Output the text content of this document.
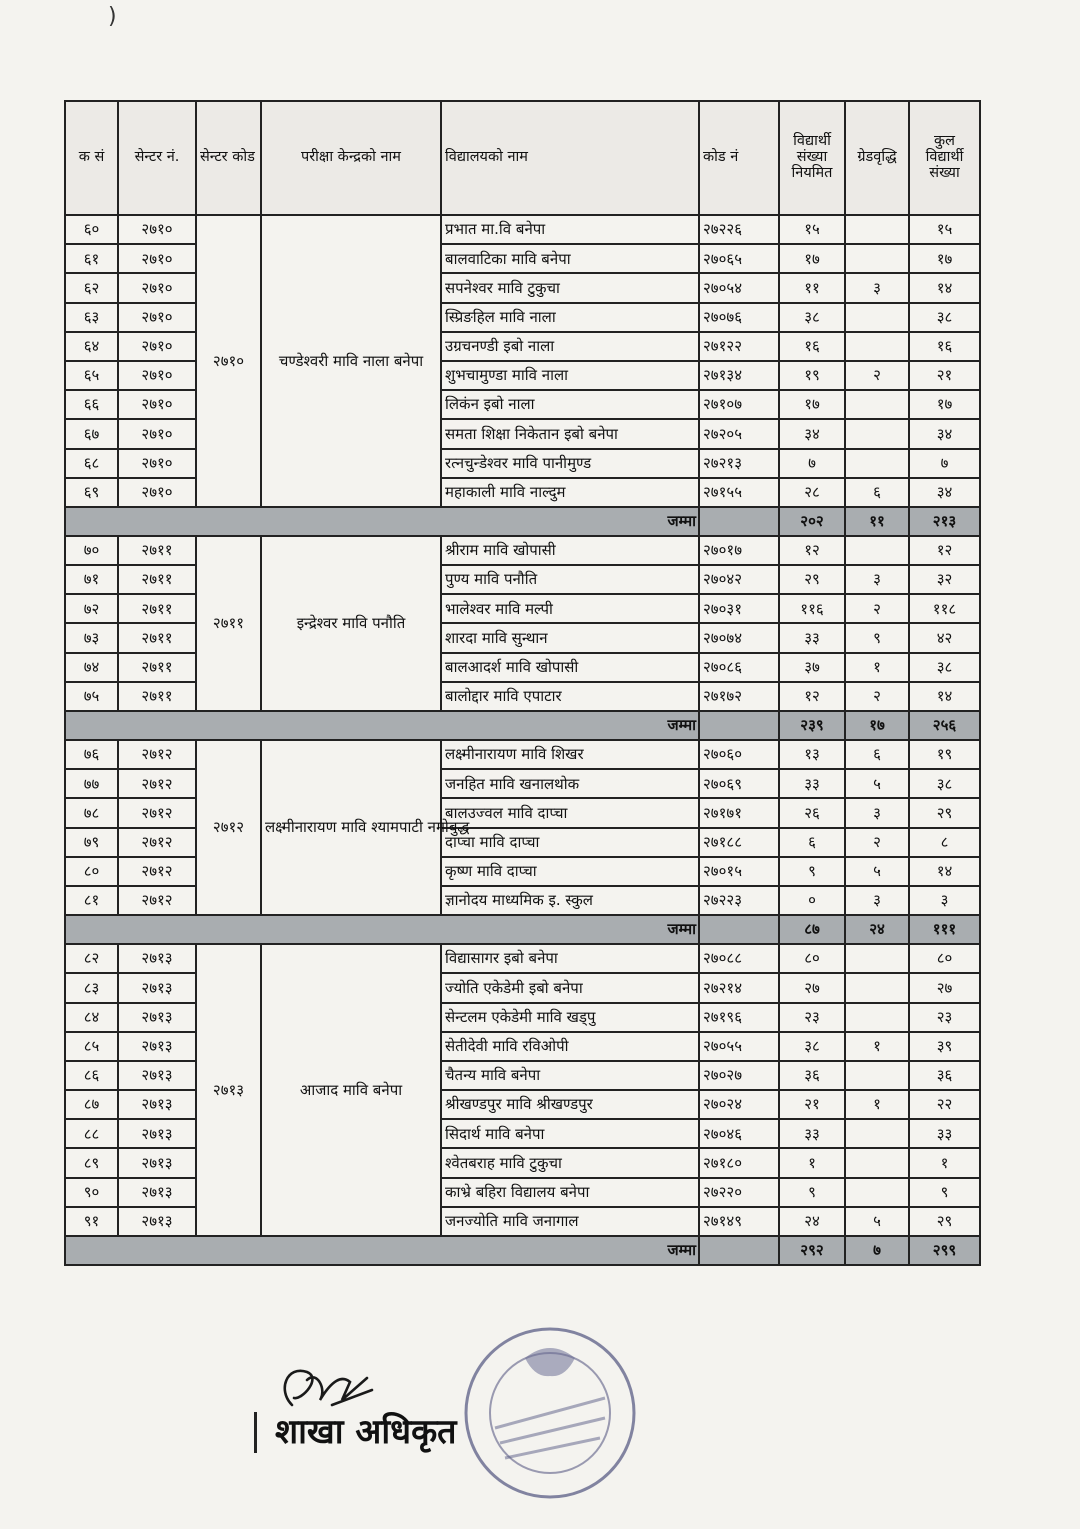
)
क सं	सेन्टर नं.	सेन्टर कोड	परीक्षा केन्द्रको नाम	विद्यालयको नाम	कोड नं	विद्यार्थी संख्या नियमित	ग्रेडवृद्धि	कुल विद्यार्थी संख्या
६०	२७१०	२७१०	चण्डेश्वरी मावि नाला बनेपा	प्रभात मा.वि बनेपा	२७२२६	१५		१५
६१	२७१०			बालवाटिका मावि बनेपा	२७०६५	१७		१७
६२	२७१०			सपनेश्वर मावि टुकुचा	२७०५४	११	३	१४
६३	२७१०			स्प्रिङहिल मावि नाला	२७०७६	३८		३८
६४	२७१०			उग्रचनण्डी इबो नाला	२७१२२	१६		१६
६५	२७१०			शुभचामुण्डा मावि नाला	२७१३४	१९	२	२१
६६	२७१०			लिकंन इबो नाला	२७१०७	१७		१७
६७	२७१०			समता शिक्षा निकेतान इबो बनेपा	२७२०५	३४		३४
६८	२७१०			रत्नचुन्डेश्वर मावि पानीमुण्ड	२७२१३	७		७
६९	२७१०			महाकाली मावि नाल्दुम	२७१५५	२८	६	३४
जम्मा						२०२	११	२१३
७०	२७११	२७११	इन्द्रेश्वर मावि पनौति	श्रीराम मावि खोपासी	२७०१७	१२		१२
७१	२७११			पुण्य मावि पनौति	२७०४२	२९	३	३२
७२	२७११			भालेश्वर मावि मल्पी	२७०३१	११६	२	११८
७३	२७११			शारदा मावि सुन्थान	२७०७४	३३	९	४२
७४	२७११			बालआदर्श मावि खोपासी	२७०८६	३७	१	३८
७५	२७११			बालोद्दार मावि एपाटार	२७१७२	१२	२	१४
जम्मा						२३९	१७	२५६
७६	२७१२	२७१२	लक्ष्मीनारायण मावि श्यामपाटी नमोबुद्ध	लक्ष्मीनारायण मावि शिखर	२७०६०	१३	६	१९
७७	२७१२			जनहित मावि खनालथोक	२७०६९	३३	५	३८
७८	२७१२			बालउज्वल मावि दाप्चा	२७१७१	२६	३	२९
७९	२७१२			दाप्चा मावि दाप्चा	२७१८८	६	२	८
८०	२७१२			कृष्ण मावि दाप्चा	२७०१५	९	५	१४
८१	२७१२			ज्ञानोदय माध्यमिक इ. स्कुल	२७२२३	०	३	३
जम्मा						८७	२४	१११
८२	२७१३	२७१३	आजाद मावि बनेपा	विद्यासागर इबो बनेपा	२७०८८	८०		८०
८३	२७१३			ज्योति एकेडेमी इबो बनेपा	२७२१४	२७		२७
८४	२७१३			सेन्टलम एकेडेमी मावि खड्पु	२७१९६	२३		२३
८५	२७१३			सेतीदेवी मावि रविओपी	२७०५५	३८	१	३९
८६	२७१३			चैतन्य मावि बनेपा	२७०२७	३६		३६
८७	२७१३			श्रीखण्डपुर मावि श्रीखण्डपुर	२७०२४	२१	१	२२
८८	२७१३			सिदार्थ मावि बनेपा	२७०४६	३३		३३
८९	२७१३			श्वेतबराह मावि टुकुचा	२७१८०	१		१
९०	२७१३			काभ्रे बहिरा विद्यालय बनेपा	२७२२०	९		९
९१	२७१३			जनज्योति मावि जनागाल	२७१४९	२४	५	२९
जम्मा						२९२	७	२९९
शाखा अधिकृत
